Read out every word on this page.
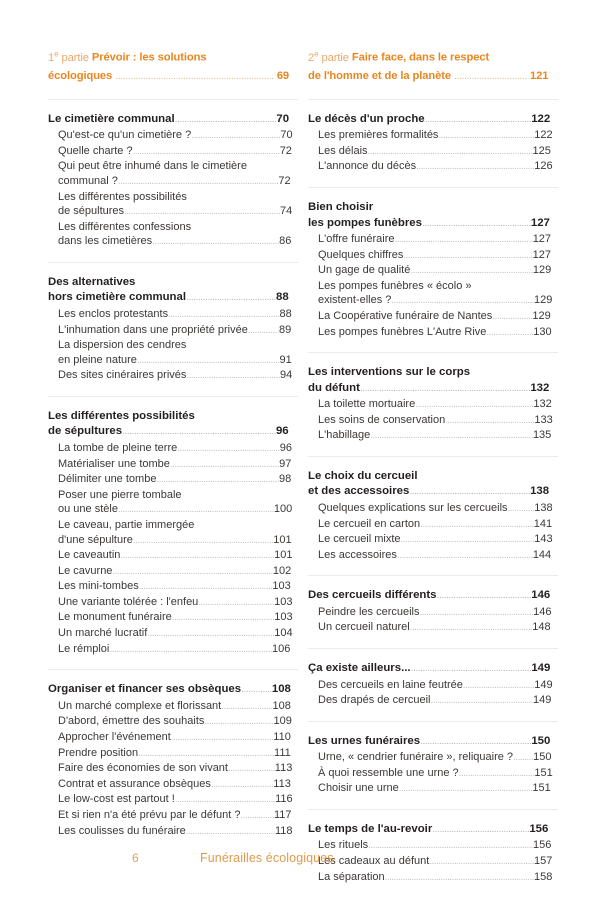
1e partie Prévoir : les solutions
écologiques ............................................................... 69
Le cimetière communal...........................................70
Qu'est-ce qu'un cimetière ?........................................70
Quelle charte ?..................................................................72
Qui peut être inhumé dans le cimetière
communal ?........................................................................72
Les différentes possibilités
de sépultures......................................................................74
Les différentes confessions
dans les cimetières.........................................................86
Des alternatives
hors cimetière communal......................................88
Les enclos protestants..................................................88
L'inhumation dans une propriété privée..............89
La dispersion des cendres
en pleine nature................................................................91
Des sites cinéraires privés..........................................94
Les différentes possibilités
de sépultures.................................................................96
La tombe de pleine terre..............................................96
Matérialiser une tombe.................................................97
Délimiter une tombe.......................................................98
Poser une pierre tombale
ou une stèle......................................................................100
Le caveau, partie immergée
d'une sépulture...............................................................101
Le caveautin.....................................................................101
Le cavurne........................................................................102
Les mini-tombes............................................................103
Une variante tolérée : l'enfeu..................................103
Le monument funéraire..............................................103
Un marché lucratif.........................................................104
Le rémploi.........................................................................106
Organiser et financer ses obsèques.............108
Un marché complexe et florissant.......................108
D'abord, émettre des souhaits...............................109
Approcher l'événement..............................................110
Prendre position.............................................................111
Faire des économies de son vivant.....................113
Contrat et assurance obsèques............................113
Le low-cost est partout !.............................................116
Et si rien n'a été prévu par le défunt ?...............117
Les coulisses du funéraire........................................118
2e partie Faire face, dans le respect
de l'homme et de la planète ............................. 121
Le décès d'un proche.............................................122
Les premières formalités...........................................122
Les délais..........................................................................125
L'annonce du décès.....................................................126
Bien choisir
les pompes funèbres..............................................127
L'offre funéraire..............................................................127
Quelques chiffres..........................................................127
Un gage de qualité.......................................................129
Les pompes funèbres « écolo »
existent-elles ?................................................................129
La Coopérative funéraire de Nantes..................129
Les pompes funèbres L'Autre Rive.....................130
Les interventions sur le corps
du défunt........................................................................132
La toilette mortuaire.....................................................132
Les soins de conservation........................................133
L'habillage.........................................................................135
Le choix du cercueil
et des accessoires...................................................138
Quelques explications sur les cercueils............138
Le cercueil en carton...................................................141
Le cercueil mixte............................................................143
Les accessoires.............................................................144
Des cercueils différents........................................146
Peindre les cercueils...................................................146
Un cercueil naturel.......................................................148
Ça existe ailleurs......................................................149
Des cercueils en laine feutrée................................149
Des drapés de cercueil..............................................149
Les urnes funéraires...............................................150
Urne, « cendrier funéraire », reliquaire ?.........150
À quoi ressemble une urne ?..................................151
Choisir une urne............................................................151
Le temps de l'au-revoir.........................................156
Les rituels..........................................................................156
Les cadeaux au défunt...............................................157
La séparation...................................................................158
6	Funérailles écologiques
